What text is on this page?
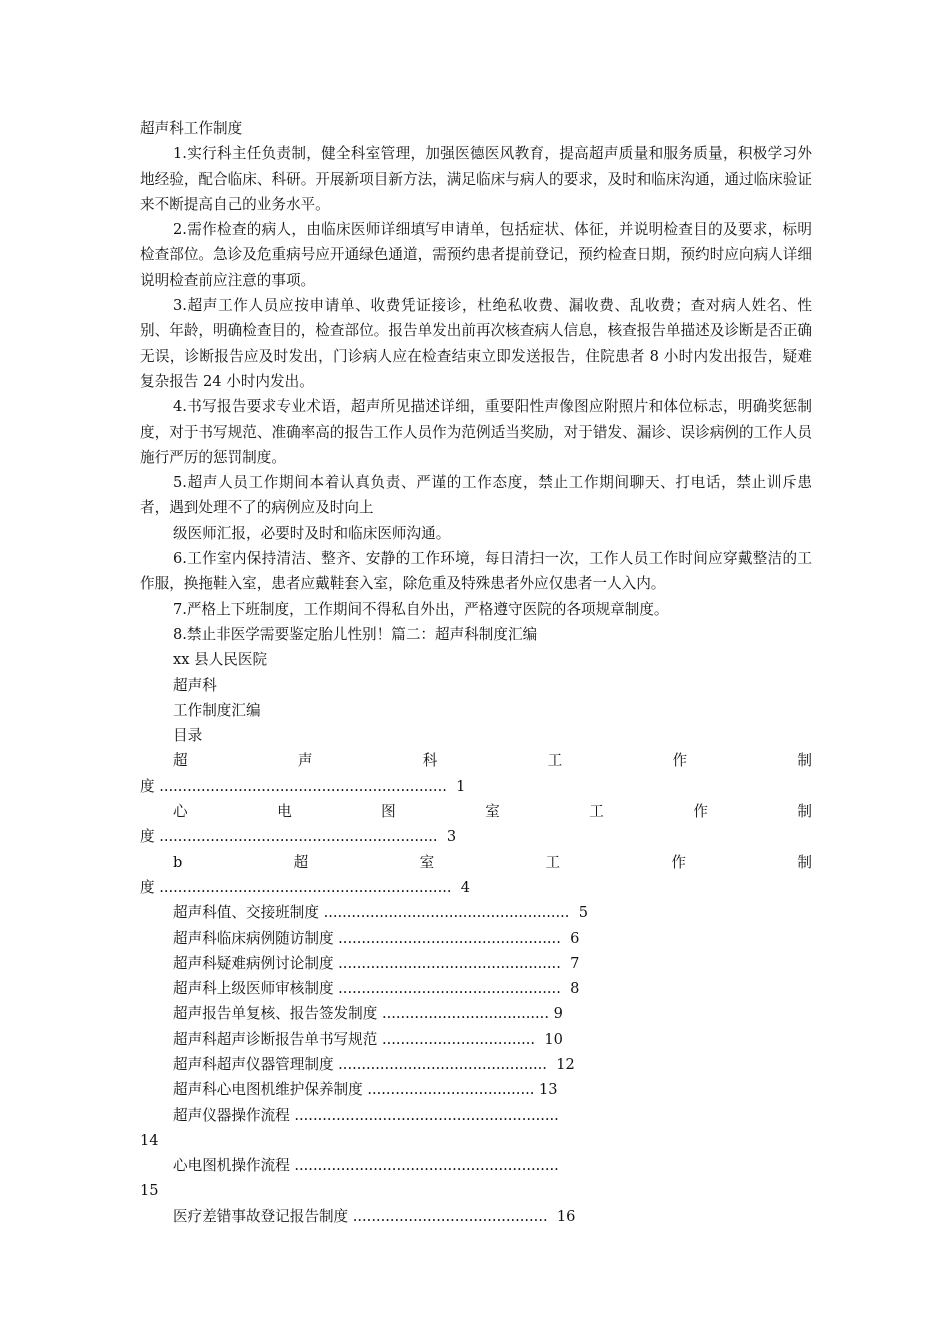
超声科工作制度

1.实行科主任负责制，健全科室管理，加强医德医风教育，提高超声质量和服务质量，积极学习外地经验，配合临床、科研。开展新项目新方法，满足临床与病人的要求，及时和临床沟通，通过临床验证来不断提高自己的业务水平。

2.需作检查的病人，由临床医师详细填写申请单，包括症状、体征，并说明检查目的及要求，标明检查部位。急诊及危重病号应开通绿色通道，需预约患者提前登记，预约检查日期，预约时应向病人详细说明检查前应注意的事项。

3.超声工作人员应按申请单、收费凭证接诊，杜绝私收费、漏收费、乱收费；查对病人姓名、性别、年龄，明确检查目的，检查部位。报告单发出前再次核查病人信息，核查报告单描述及诊断是否正确无误，诊断报告应及时发出，门诊病人应在检查结束立即发送报告，住院患者 8 小时内发出报告，疑难复杂报告 24 小时内发出。

4.书写报告要求专业术语，超声所见描述详细，重要阳性声像图应附照片和体位标志，明确奖惩制度，对于书写规范、准确率高的报告工作人员作为范例适当奖励，对于错发、漏诊、误诊病例的工作人员施行严厉的惩罚制度。

5.超声人员工作期间本着认真负责、严谨的工作态度，禁止工作期间聊天、打电话，禁止训斥患者，遇到处理不了的病例应及时向上

级医师汇报，必要时及时和临床医师沟通。

6.工作室内保持清洁、整齐、安静的工作环境，每日清扫一次，工作人员工作时间应穿戴整洁的工作服，换拖鞋入室，患者应戴鞋套入室，除危重及特殊患者外应仅患者一人入内。

7.严格上下班制度，工作期间不得私自外出，严格遵守医院的各项规章制度。

8.禁止非医学需要鉴定胎儿性别！篇二：超声科制度汇编

xx 县人民医院

超声科

工作制度汇编

目录

超	声	科	工	作	制
度 ..............................................................  1
心	电	图	室	工	作	制
度 ............................................................  3
b	超	室	工	作	制
度 ...............................................................  4
超声科值、交接班制度 .....................................................  5
超声科临床病例随访制度 ................................................  6
超声科疑难病例讨论制度 ................................................  7
超声科上级医师审核制度 ................................................  8
超声报告单复核、报告签发制度 .................................... 9
超声科超声诊断报告单书写规范 .................................  10
超声科超声仪器管理制度 .............................................  12
超声科心电图机维护保养制度 .................................... 13
超声仪器操作流程 .........................................................
14
心电图机操作流程 .........................................................
15
医疗差错事故登记报告制度 ..........................................  16
